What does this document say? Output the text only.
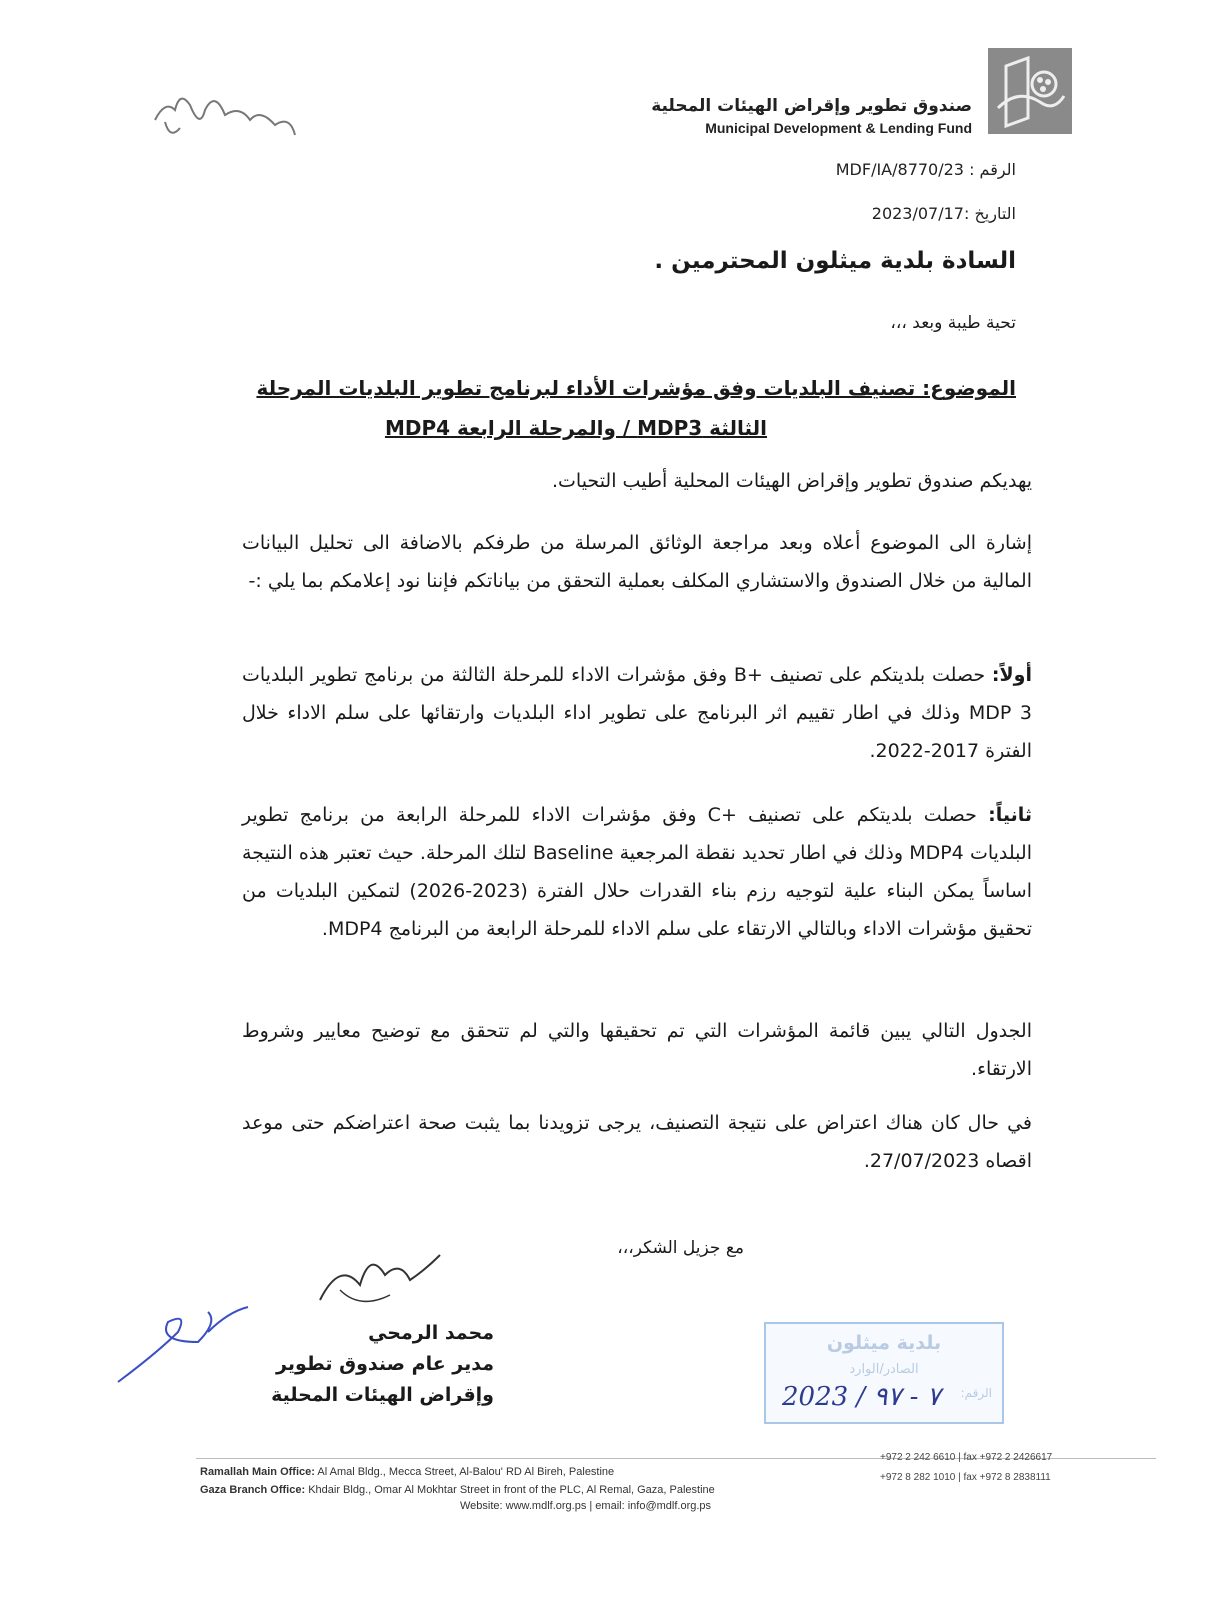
صندوق تطوير وإقراض الهيئات المحلية
Municipal Development & Lending Fund
الرقم : MDF/IA/8770/23
التاريخ :2023/07/17
السادة بلدية ميثلون المحترمين .
تحية طيبة وبعد ،،،
الموضوع: تصنيف البلديات وفق مؤشرات الأداء لبرنامج تطوير البلديات المرحلة
الثالثة MDP3 / والمرحلة الرابعة MDP4
يهديكم صندوق تطوير وإقراض الهيئات المحلية أطيب التحيات.
إشارة الى الموضوع أعلاه وبعد مراجعة الوثائق المرسلة من طرفكم بالاضافة الى تحليل البيانات المالية من خلال الصندوق والاستشاري المكلف بعملية التحقق من بياناتكم فإننا نود إعلامكم بما يلي :-
أولاً: حصلت بلديتكم على تصنيف +B وفق مؤشرات الاداء للمرحلة الثالثة من برنامج تطوير البلديات MDP 3 وذلك في اطار تقييم اثر البرنامج على تطوير اداء البلديات وارتقائها على سلم الاداء خلال الفترة 2017-2022.
ثانياً: حصلت بلديتكم على تصنيف +C وفق مؤشرات الاداء للمرحلة الرابعة من برنامج تطوير البلديات MDP4 وذلك في اطار تحديد نقطة المرجعية Baseline لتلك المرحلة. حيث تعتبر هذه النتيجة اساساً يمكن البناء علية لتوجيه رزم بناء القدرات حلال الفترة (2023-2026) لتمكين البلديات من تحقيق مؤشرات الاداء وبالتالي الارتقاء على سلم الاداء للمرحلة الرابعة من البرنامج MDP4.
الجدول التالي يبين قائمة المؤشرات التي تم تحقيقها والتي لم تتحقق مع توضيح معايير وشروط الارتقاء.
في حال كان هناك اعتراض على نتيجة التصنيف، يرجى تزويدنا بما يثبت صحة اعتراضكم حتى موعد اقصاه 27/07/2023.
مع جزيل الشكر،،،
محمد الرمحي
مدير عام صندوق تطوير
وإقراض الهيئات المحلية
بلدية ميثلون
الصادر/الوارد
الرقم:
2023 / ٧ - ٩٧
Ramallah Main Office: Al Amal Bldg., Mecca Street, Al-Balou' RD Al Bireh, Palestine
Gaza Branch Office: Khdair Bldg., Omar Al Mokhtar Street in front of the PLC, Al Remal, Gaza, Palestine
Website: www.mdlf.org.ps | email: info@mdlf.org.ps
+972 2 242 6610 | fax +972 2 2426617
+972 8 282 1010 | fax +972 8 2838111
